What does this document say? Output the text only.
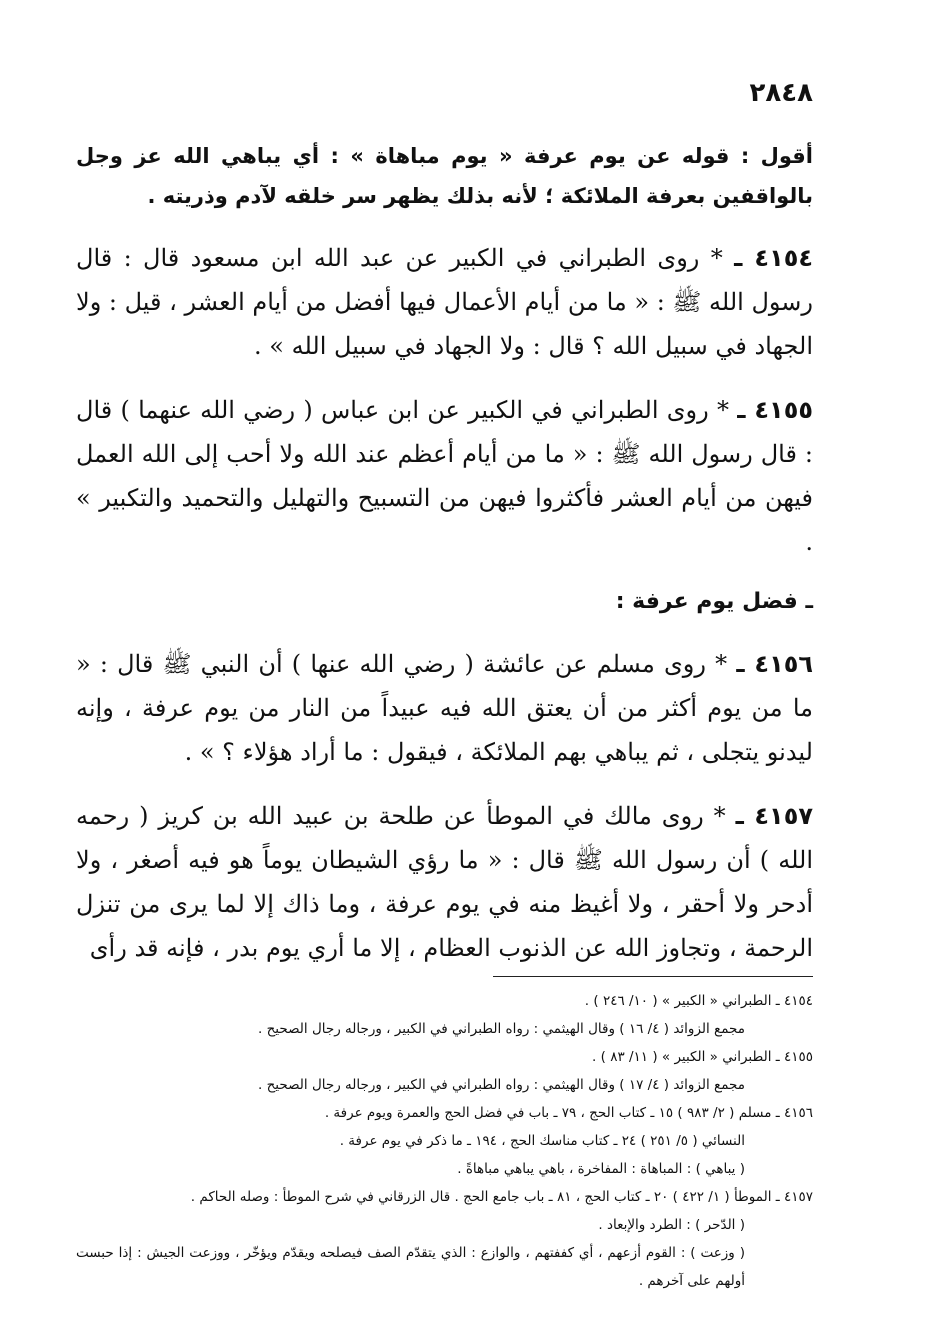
٢٨٤٨

أقول : قوله عن يوم عرفة « يوم مباهاة » : أي يباهي الله عز وجل بالواقفين بعرفة الملائكة ؛ لأنه بذلك يظهر سر خلقه لآدم وذريته .

٤١٥٤ ـ * روى الطبراني في الكبير عن عبد الله ابن مسعود قال : قال رسول الله ﷺ : « ما من أيام الأعمال فيها أفضل من أيام العشر ، قيل : ولا الجهاد في سبيل الله ؟ قال : ولا الجهاد في سبيل الله » .

٤١٥٥ ـ * روى الطبراني في الكبير عن ابن عباس ( رضي الله عنهما ) قال : قال رسول الله ﷺ : « ما من أيام أعظم عند الله ولا أحب إلى الله العمل فيهن من أيام العشر فأكثروا فيهن من التسبيح والتهليل والتحميد والتكبير » .

ـ فضل يوم عرفة :

٤١٥٦ ـ * روى مسلم عن عائشة ( رضي الله عنها ) أن النبي ﷺ قال : « ما من يوم أكثر من أن يعتق الله فيه عبيداً من النار من يوم عرفة ، وإنه ليدنو يتجلى ، ثم يباهي بهم الملائكة ، فيقول : ما أراد هؤلاء ؟ » .

٤١٥٧ ـ * روى مالك في الموطأ عن طلحة بن عبيد الله بن كريز ( رحمه الله ) أن رسول الله ﷺ قال : « ما رؤي الشيطان يوماً هو فيه أصغر ، ولا أدحر ولا أحقر ، ولا أغيظ منه في يوم عرفة ، وما ذاك إلا لما يرى من تنزل الرحمة ، وتجاوز الله عن الذنوب العظام ، إلا ما أري يوم بدر ، فإنه قد رأى

٤١٥٤ ـ الطبراني « الكبير » ( ١٠/ ٢٤٦ ) .
مجمع الزوائد ( ٤/ ١٦ ) وقال الهيثمي : رواه الطبراني في الكبير ، ورجاله رجال الصحيح .
٤١٥٥ ـ الطبراني « الكبير » ( ١١/ ٨٣ ) .
مجمع الزوائد ( ٤/ ١٧ ) وقال الهيثمي : رواه الطبراني في الكبير ، ورجاله رجال الصحيح .
٤١٥٦ ـ مسلم ( ٢/ ٩٨٣ ) ١٥ ـ كتاب الحج ، ٧٩ ـ باب في فضل الحج والعمرة ويوم عرفة .
النسائي ( ٥/ ٢٥١ ) ٢٤ ـ كتاب مناسك الحج ، ١٩٤ ـ ما ذكر في يوم عرفة .
( يباهي ) : المباهاة : المفاخرة ، باهي يباهي مباهاةً .
٤١٥٧ ـ الموطأ ( ١/ ٤٢٢ ) ٢٠ ـ كتاب الحج ، ٨١ ـ باب جامع الحج . قال الزرقاني في شرح الموطأ : وصله الحاكم .
( الدّحر ) : الطرد والإبعاد .
( وزعت ) : القوم أزعهم ، أي كففتهم ، والوازع : الذي يتقدّم الصف فيصلحه ويقدّم ويؤخّر ، ووزعت الجيش : إذا حبست أولهم على آخرهم .
